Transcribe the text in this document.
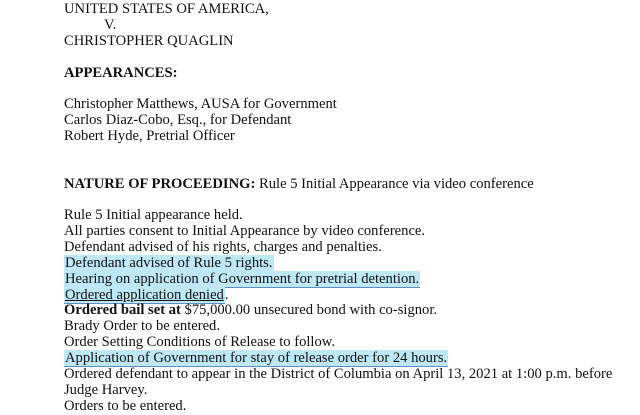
UNITED STATES OF AMERICA,
V.
CHRISTOPHER QUAGLIN
APPEARANCES:
Christopher Matthews, AUSA for Government
Carlos Diaz-Cobo, Esq., for Defendant
Robert Hyde, Pretrial Officer
NATURE OF PROCEEDING: Rule 5 Initial Appearance via video conference
Rule 5 Initial appearance held.
All parties consent to Initial Appearance by video conference.
Defendant advised of his rights, charges and penalties.
Defendant advised of Rule 5 rights.
Hearing on application of Government for pretrial detention.
Ordered application denied.
Ordered bail set at $75,000.00 unsecured bond with co-signor.
Brady Order to be entered.
Order Setting Conditions of Release to follow.
Application of Government for stay of release order for 24 hours.
Ordered defendant to appear in the District of Columbia on April 13, 2021 at 1:00 p.m. before
Judge Harvey.
Orders to be entered.
